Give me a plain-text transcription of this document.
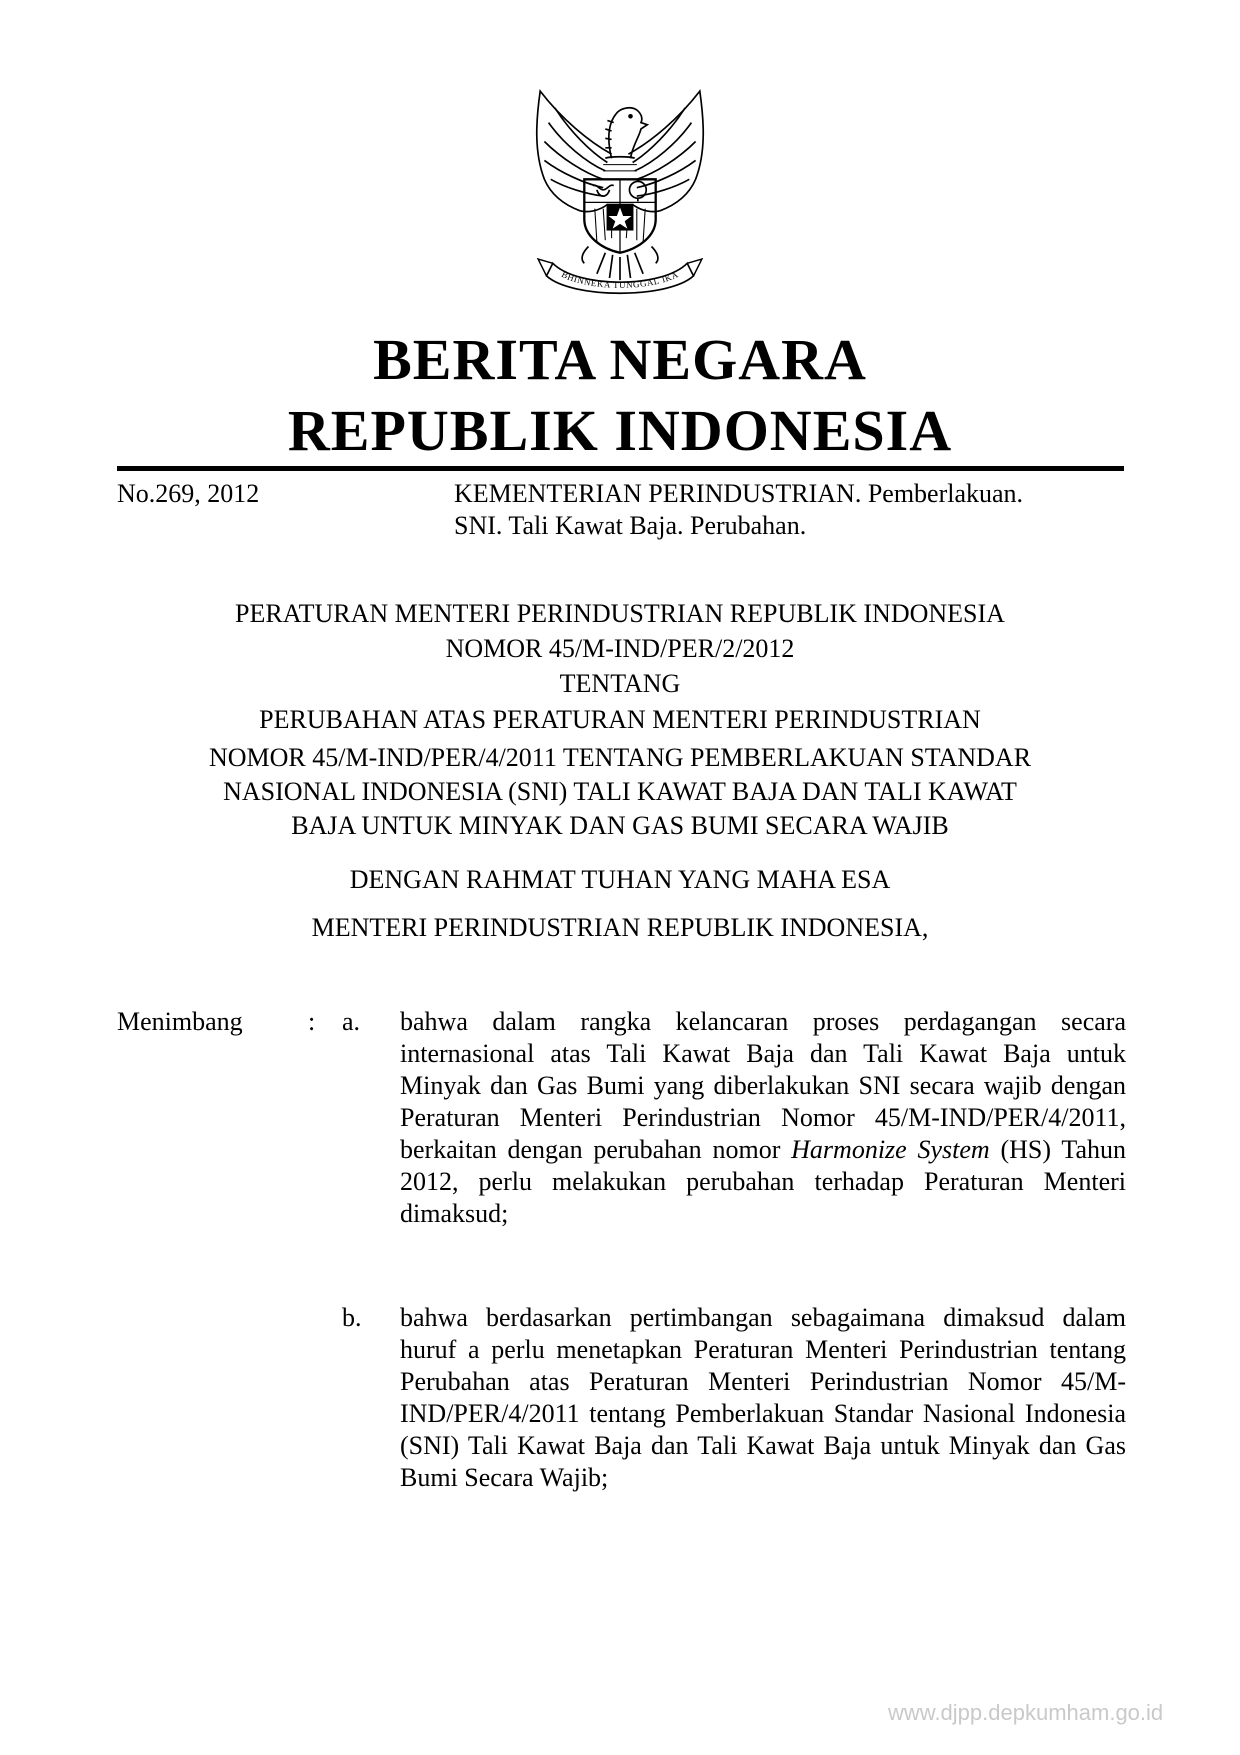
BHINNEKA TUNGGAL IKA
BERITA NEGARA
REPUBLIK INDONESIA
No.269, 2012	KEMENTERIAN PERINDUSTRIAN. Pemberlakuan.
SNI. Tali Kawat Baja. Perubahan.
PERATURAN MENTERI PERINDUSTRIAN REPUBLIK INDONESIA
NOMOR 45/M-IND/PER/2/2012
TENTANG
PERUBAHAN ATAS PERATURAN MENTERI PERINDUSTRIAN
NOMOR 45/M-IND/PER/4/2011 TENTANG PEMBERLAKUAN STANDAR
NASIONAL INDONESIA (SNI) TALI KAWAT BAJA DAN TALI KAWAT
BAJA UNTUK MINYAK DAN GAS BUMI SECARA WAJIB
DENGAN RAHMAT TUHAN YANG MAHA ESA
MENTERI PERINDUSTRIAN REPUBLIK INDONESIA,
Menimbang	: a. bahwa dalam rangka kelancaran proses perdagangan secara internasional atas Tali Kawat Baja dan Tali Kawat Baja untuk Minyak dan Gas Bumi yang diberlakukan SNI secara wajib dengan Peraturan Menteri Perindustrian Nomor 45/M-IND/PER/4/2011, berkaitan dengan perubahan nomor Harmonize System (HS) Tahun 2012, perlu melakukan perubahan terhadap Peraturan Menteri dimaksud;
b. bahwa berdasarkan pertimbangan sebagaimana dimaksud dalam huruf a perlu menetapkan Peraturan Menteri Perindustrian tentang Perubahan atas Peraturan Menteri Perindustrian Nomor 45/M-IND/PER/4/2011 tentang Pemberlakuan Standar Nasional Indonesia (SNI) Tali Kawat Baja dan Tali Kawat Baja untuk Minyak dan Gas Bumi Secara Wajib;
www.djpp.depkumham.go.id
